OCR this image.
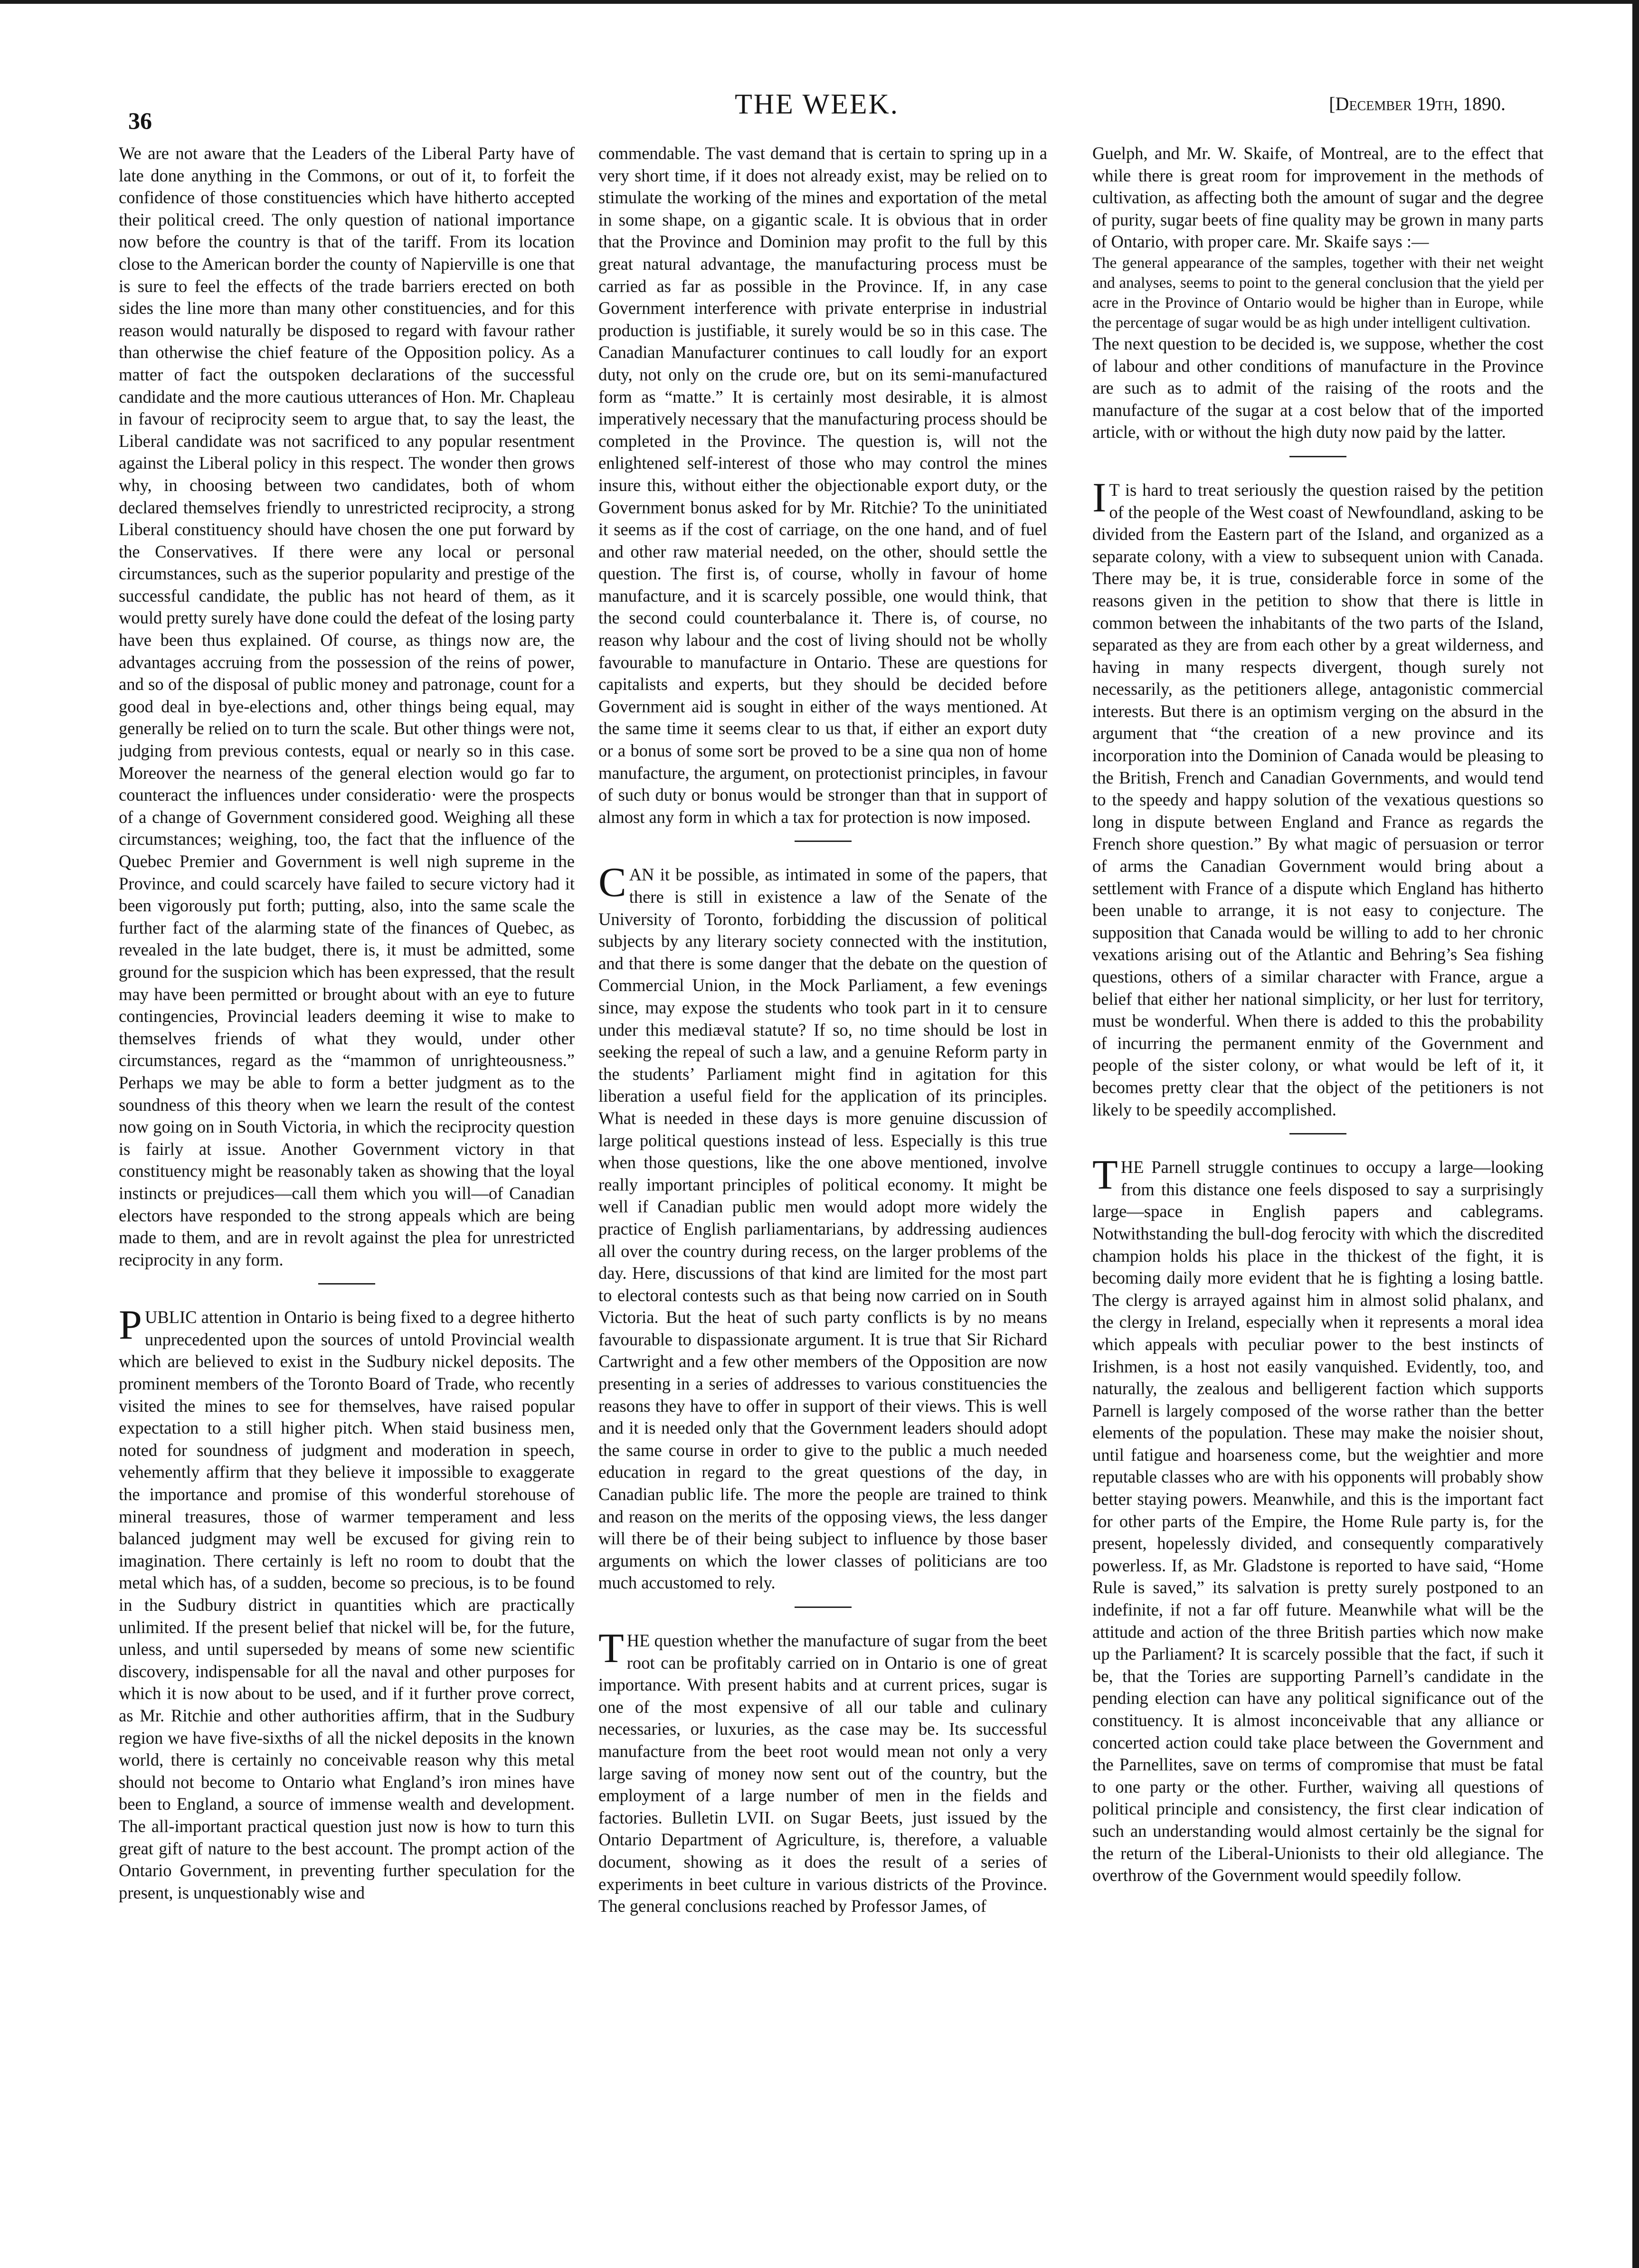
36
THE WEEK.	[December 19th, 1890.

We are not aware that the Leaders of the Liberal Party have of late done anything in the Commons, or out of it, to forfeit the confidence of those constituencies which have hitherto accepted their political creed. The only question of national importance now before the country is that of the tariff. From its location close to the American border the county of Napierville is one that is sure to feel the effects of the trade barriers erected on both sides the line more than many other constituencies, and for this reason would naturally be disposed to regard with favour rather than otherwise the chief feature of the Opposition policy. As a matter of fact the outspoken declarations of the successful candidate and the more cautious utterances of Hon. Mr. Chapleau in favour of reciprocity seem to argue that, to say the least, the Liberal candidate was not sacrificed to any popular resentment against the Liberal policy in this respect. The wonder then grows why, in choosing between two candidates, both of whom declared themselves friendly to unrestricted reciprocity, a strong Liberal constituency should have chosen the one put forward by the Conservatives. If there were any local or personal circumstances, such as the superior popularity and prestige of the successful candidate, the public has not heard of them, as it would pretty surely have done could the defeat of the losing party have been thus explained. Of course, as things now are, the advantages accruing from the possession of the reins of power, and so of the disposal of public money and patronage, count for a good deal in bye-elections and, other things being equal, may generally be relied on to turn the scale. But other things were not, judging from previous contests, equal or nearly so in this case. Moreover the nearness of the general election would go far to counteract the influences under consideratio· were the prospects of a change of Government considered good. Weighing all these circumstances; weighing, too, the fact that the influence of the Quebec Premier and Government is well nigh supreme in the Province, and could scarcely have failed to secure victory had it been vigorously put forth; putting, also, into the same scale the further fact of the alarming state of the finances of Quebec, as revealed in the late budget, there is, it must be admitted, some ground for the suspicion which has been expressed, that the result may have been permitted or brought about with an eye to future contingencies, Provincial leaders deeming it wise to make to themselves friends of what they would, under other circumstances, regard as the “mammon of unrighteousness.” Perhaps we may be able to form a better judgment as to the soundness of this theory when we learn the result of the contest now going on in South Victoria, in which the reciprocity question is fairly at issue. Another Government victory in that constituency might be reasonably taken as showing that the loyal instincts or prejudices—call them which you will—of Canadian electors have responded to the strong appeals which are being made to them, and are in revolt against the plea for unrestricted reciprocity in any form.

PUBLIC attention in Ontario is being fixed to a degree hitherto unprecedented upon the sources of untold Provincial wealth which are believed to exist in the Sudbury nickel deposits. The prominent members of the Toronto Board of Trade, who recently visited the mines to see for themselves, have raised popular expectation to a still higher pitch. When staid business men, noted for soundness of judgment and moderation in speech, vehemently affirm that they believe it impossible to exaggerate the importance and promise of this wonderful storehouse of mineral treasures, those of warmer temperament and less balanced judgment may well be excused for giving rein to imagination. There certainly is left no room to doubt that the metal which has, of a sudden, become so precious, is to be found in the Sudbury district in quantities which are practically unlimited. If the present belief that nickel will be, for the future, unless, and until superseded by means of some new scientific discovery, indispensable for all the naval and other purposes for which it is now about to be used, and if it further prove correct, as Mr. Ritchie and other authorities affirm, that in the Sudbury region we have five-sixths of all the nickel deposits in the known world, there is certainly no conceivable reason why this metal should not become to Ontario what England’s iron mines have been to England, a source of immense wealth and development. The all-important practical question just now is how to turn this great gift of nature to the best account. The prompt action of the Ontario Government, in preventing further speculation for the present, is unquestionably wise and

commendable. The vast demand that is certain to spring up in a very short time, if it does not already exist, may be relied on to stimulate the working of the mines and exportation of the metal in some shape, on a gigantic scale. It is obvious that in order that the Province and Dominion may profit to the full by this great natural advantage, the manufacturing process must be carried as far as possible in the Province. If, in any case Government interference with private enterprise in industrial production is justifiable, it surely would be so in this case. The Canadian Manufacturer continues to call loudly for an export duty, not only on the crude ore, but on its semi-manufactured form as “matte.” It is certainly most desirable, it is almost imperatively necessary that the manufacturing process should be completed in the Province. The question is, will not the enlightened self-interest of those who may control the mines insure this, without either the objectionable export duty, or the Government bonus asked for by Mr. Ritchie? To the uninitiated it seems as if the cost of carriage, on the one hand, and of fuel and other raw material needed, on the other, should settle the question. The first is, of course, wholly in favour of home manufacture, and it is scarcely possible, one would think, that the second could counterbalance it. There is, of course, no reason why labour and the cost of living should not be wholly favourable to manufacture in Ontario. These are questions for capitalists and experts, but they should be decided before Government aid is sought in either of the ways mentioned. At the same time it seems clear to us that, if either an export duty or a bonus of some sort be proved to be a sine qua non of home manufacture, the argument, on protectionist principles, in favour of such duty or bonus would be stronger than that in support of almost any form in which a tax for protection is now imposed.

CAN it be possible, as intimated in some of the papers, that there is still in existence a law of the Senate of the University of Toronto, forbidding the discussion of political subjects by any literary society connected with the institution, and that there is some danger that the debate on the question of Commercial Union, in the Mock Parliament, a few evenings since, may expose the students who took part in it to censure under this mediæval statute? If so, no time should be lost in seeking the repeal of such a law, and a genuine Reform party in the students’ Parliament might find in agitation for this liberation a useful field for the application of its principles. What is needed in these days is more genuine discussion of large political questions instead of less. Especially is this true when those questions, like the one above mentioned, involve really important principles of political economy. It might be well if Canadian public men would adopt more widely the practice of English parliamentarians, by addressing audiences all over the country during recess, on the larger problems of the day. Here, discussions of that kind are limited for the most part to electoral contests such as that being now carried on in South Victoria. But the heat of such party conflicts is by no means favourable to dispassionate argument. It is true that Sir Richard Cartwright and a few other members of the Opposition are now presenting in a series of addresses to various constituencies the reasons they have to offer in support of their views. This is well and it is needed only that the Government leaders should adopt the same course in order to give to the public a much needed education in regard to the great questions of the day, in Canadian public life. The more the people are trained to think and reason on the merits of the opposing views, the less danger will there be of their being subject to influence by those baser arguments on which the lower classes of politicians are too much accustomed to rely.

THE question whether the manufacture of sugar from the beet root can be profitably carried on in Ontario is one of great importance. With present habits and at current prices, sugar is one of the most expensive of all our table and culinary necessaries, or luxuries, as the case may be. Its successful manufacture from the beet root would mean not only a very large saving of money now sent out of the country, but the employment of a large number of men in the fields and factories. Bulletin LVII. on Sugar Beets, just issued by the Ontario Department of Agriculture, is, therefore, a valuable document, showing as it does the result of a series of experiments in beet culture in various districts of the Province. The general conclusions reached by Professor James, of

Guelph, and Mr. W. Skaife, of Montreal, are to the effect that while there is great room for improvement in the methods of cultivation, as affecting both the amount of sugar and the degree of purity, sugar beets of fine quality may be grown in many parts of Ontario, with proper care. Mr. Skaife says :—

The general appearance of the samples, together with their net weight and analyses, seems to point to the general conclusion that the yield per acre in the Province of Ontario would be higher than in Europe, while the percentage of sugar would be as high under intelligent cultivation.

The next question to be decided is, we suppose, whether the cost of labour and other conditions of manufacture in the Province are such as to admit of the raising of the roots and the manufacture of the sugar at a cost below that of the imported article, with or without the high duty now paid by the latter.

I T is hard to treat seriously the question raised by the petition of the people of the West coast of Newfoundland, asking to be divided from the Eastern part of the Island, and organized as a separate colony, with a view to subsequent union with Canada. There may be, it is true, considerable force in some of the reasons given in the petition to show that there is little in common between the inhabitants of the two parts of the Island, separated as they are from each other by a great wilderness, and having in many respects divergent, though surely not necessarily, as the petitioners allege, antagonistic commercial interests. But there is an optimism verging on the absurd in the argument that “the creation of a new province and its incorporation into the Dominion of Canada would be pleasing to the British, French and Canadian Governments, and would tend to the speedy and happy solution of the vexatious questions so long in dispute between England and France as regards the French shore question.” By what magic of persuasion or terror of arms the Canadian Government would bring about a settlement with France of a dispute which England has hitherto been unable to arrange, it is not easy to conjecture. The supposition that Canada would be willing to add to her chronic vexations arising out of the Atlantic and Behring’s Sea fishing questions, others of a similar character with France, argue a belief that either her national simplicity, or her lust for territory, must be wonderful. When there is added to this the probability of incurring the permanent enmity of the Government and people of the sister colony, or what would be left of it, it becomes pretty clear that the object of the petitioners is not likely to be speedily accomplished.

THE Parnell struggle continues to occupy a large—looking from this distance one feels disposed to say a surprisingly large—space in English papers and cablegrams. Notwithstanding the bull-dog ferocity with which the discredited champion holds his place in the thickest of the fight, it is becoming daily more evident that he is fighting a losing battle. The clergy is arrayed against him in almost solid phalanx, and the clergy in Ireland, especially when it represents a moral idea which appeals with peculiar power to the best instincts of Irishmen, is a host not easily vanquished. Evidently, too, and naturally, the zealous and belligerent faction which supports Parnell is largely composed of the worse rather than the better elements of the population. These may make the noisier shout, until fatigue and hoarseness come, but the weightier and more reputable classes who are with his opponents will probably show better staying powers. Meanwhile, and this is the important fact for other parts of the Empire, the Home Rule party is, for the present, hopelessly divided, and consequently comparatively powerless. If, as Mr. Gladstone is reported to have said, “Home Rule is saved,” its salvation is pretty surely postponed to an indefinite, if not a far off future. Meanwhile what will be the attitude and action of the three British parties which now make up the Parliament? It is scarcely possible that the fact, if such it be, that the Tories are supporting Parnell’s candidate in the pending election can have any political significance out of the constituency. It is almost inconceivable that any alliance or concerted action could take place between the Government and the Parnellites, save on terms of compromise that must be fatal to one party or the other. Further, waiving all questions of political principle and consistency, the first clear indication of such an understanding would almost certainly be the signal for the return of the Liberal-Unionists to their old allegiance. The overthrow of the Government would speedily follow.
